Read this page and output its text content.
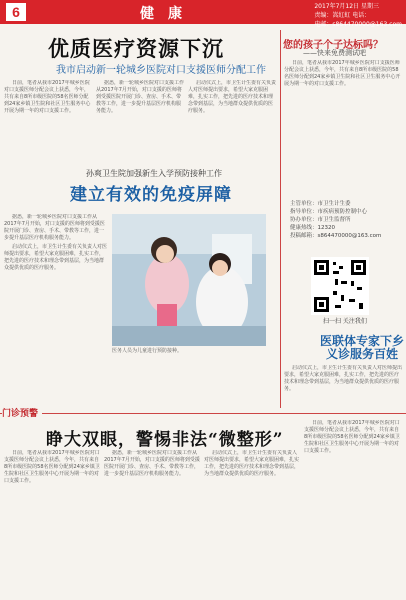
6	健康	2017年7月12日 星期三
责编：嵩紅虹 电话：
电邮：s864470000@163.com
优质医疗资源下沉
我市启动新一轮城乡医院对口支援医师分配工作

日前，笔者从我市2017年城乡医院对口支援医师分配会议上获悉，今年，共有来自8所市级医院的58名医师分配到24家乡镇卫生院和社区卫生服务中心开展为期一年的对口支援工作。

据悉，新一轮城乡医院对口支援工作从2017年7月开始，对口支援的医师将到受援医院开展门诊、查房、手术、带教等工作，进一步提升基层医疗机构服务能力。

启动仪式上，市卫生计生委有关负责人对医师提出要求，希望大家克服困难，扎实工作，把先进的医疗技术和理念带到基层，为当地群众提供优质的医疗服务。

您的孩子个子达标吗？
——快来免费测试吧

日前，笔者从我市2017年城乡医院对口支援医师分配会议上获悉，今年，共有来自8所市级医院的58名医师分配到24家乡镇卫生院和社区卫生服务中心开展为期一年的对口支援工作。

孙爽卫生院加强新生入学预防接种工作
建立有效的免疫屏障

据悉，新一轮城乡医院对口支援工作从2017年7月开始，对口支援的医师将到受援医院开展门诊、查房、手术、带教等工作，进一步提升基层医疗机构服务能力。

启动仪式上，市卫生计生委有关负责人对医师提出要求，希望大家克服困难，扎实工作，把先进的医疗技术和理念带到基层，为当地群众提供优质的医疗服务。

医务人员为儿童进行预防接种。
主管单位：市卫生计生委
指导单位：市疾病预防控制中心
协办单位：市卫生监督所
健康热线：12320
投稿邮箱：s864470000@163.com
扫一扫 关注我们
医联体专家下乡义诊服务百姓

启动仪式上，市卫生计生委有关负责人对医师提出要求，希望大家克服困难，扎实工作，把先进的医疗技术和理念带到基层，为当地群众提供优质的医疗服务。

门诊预警
睁大双眼，警惕非法“微整形”

日前，笔者从我市2017年城乡医院对口支援医师分配会议上获悉，今年，共有来自8所市级医院的58名医师分配到24家乡镇卫生院和社区卫生服务中心开展为期一年的对口支援工作。

据悉，新一轮城乡医院对口支援工作从2017年7月开始，对口支援的医师将到受援医院开展门诊、查房、手术、带教等工作，进一步提升基层医疗机构服务能力。

启动仪式上，市卫生计生委有关负责人对医师提出要求，希望大家克服困难，扎实工作，把先进的医疗技术和理念带到基层，为当地群众提供优质的医疗服务。

日前，笔者从我市2017年城乡医院对口支援医师分配会议上获悉，今年，共有来自8所市级医院的58名医师分配到24家乡镇卫生院和社区卫生服务中心开展为期一年的对口支援工作。
